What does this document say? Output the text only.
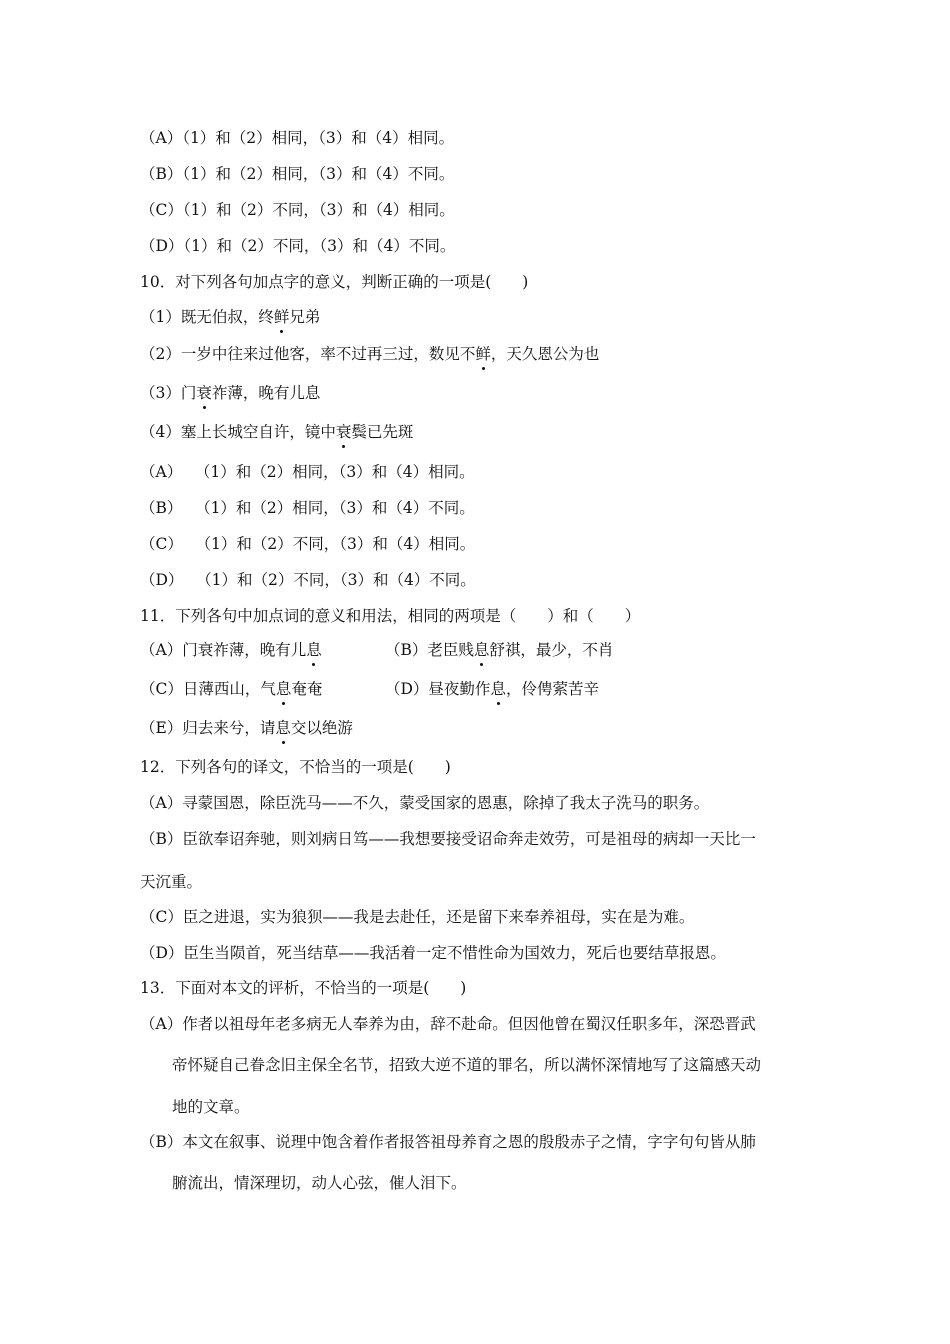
（A）（1）和（2）相同，（3）和（4）相同。
（B）（1）和（2）相同，（3）和（4）不同。
（C）（1）和（2）不同，（3）和（4）相同。
（D）（1）和（2）不同，（3）和（4）不同。
10．对下列各句加点字的意义，判断正确的一项是(　　)
（1）既无伯叔，终鲜兄弟
（2）一岁中往来过他客，率不过再三过，数见不鲜，天久恩公为也
（3）门衰祚薄，晚有儿息
（4）塞上长城空自许，镜中衰鬓已先斑
（A）　 （1）和（2）相同，（3）和（4）相同。
（B）　 （1）和（2）相同，（3）和（4）不同。
（C）　 （1）和（2）不同，（3）和（4）相同。
（D）　 （1）和（2）不同，（3）和（4）不同。
11．下列各句中加点词的意义和用法，相同的两项是（　　）和（　　）
（A）门衰祚薄，晚有儿息	（B）老臣贱息舒祺，最少，不肖
（C）日薄西山，气息奄奄	（D）昼夜勤作息，伶俜萦苦辛
（E）归去来兮，请息交以绝游
12．下列各句的译文，不恰当的一项是(　　)
（A）寻蒙国恩，除臣洗马——不久，蒙受国家的恩惠，除掉了我太子洗马的职务。
（B）臣欲奉诏奔驰，则刘病日笃——我想要接受诏命奔走效劳，可是祖母的病却一天比一
天沉重。
（C）臣之进退，实为狼狈——我是去赴任，还是留下来奉养祖母，实在是为难。
（D）臣生当陨首，死当结草——我活着一定不惜性命为国效力，死后也要结草报恩。
13．下面对本文的评析，不恰当的一项是(　　)
（A）作者以祖母年老多病无人奉养为由，辞不赴命。但因他曾在蜀汉任职多年，深恐晋武
帝怀疑自己眷念旧主保全名节，招致大逆不道的罪名，所以满怀深情地写了这篇感天动
地的文章。
（B）本文在叙事、说理中饱含着作者报答祖母养育之恩的殷殷赤子之情，字字句句皆从肺
腑流出，情深理切，动人心弦，催人泪下。
